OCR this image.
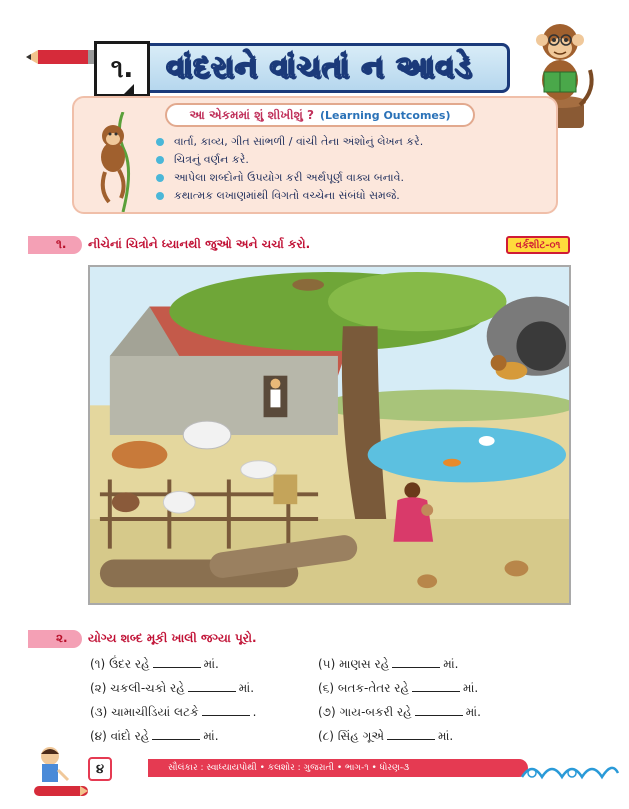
૧.	વાંદરાને વાંચતાં ન આવડે
આ એકમમાં શું શીખીશું ? (Learning Outcomes)
વાર્તા, કાવ્ય, ગીત સાંભળી / વાંચી તેના અંશોનું લેખન કરે.
ચિત્રનું વર્ણન કરે.
આપેલા શબ્દોનો ઉપયોગ કરી અર્થપૂર્ણ વાક્ય બનાવે.
કથાત્મક લખાણમાંથી વિગતો વચ્ચેના સંબંધો સમજે.
૧. નીચેનાં ચિત્રોને ધ્યાનથી જુઓ અને ચર્ચા કરો.	વર્કશીટ-૦૧
૨. યોગ્ય શબ્દ મૂકી ખાલી જગ્યા પૂરો.
(૧) ઉંદર રહે	માં.
(૨) ચકલી-ચકો રહે	માં.
(૩) ચામાચીડિયાં લટકે	.
(૪) વાંદો રહે	માં.
(૫) માણસ રહે	માં.
(૬) બતક-તેતર રહે	માં.
(૭) ગાય-બકરી રહે	માં.
(૮) સિંહ ગૂએ	માં.
૪	સૌલંકાર : સ્વાધ્યાયપોથી • કલશોર : ગુજરાતી • ભાગ-૧ • ધોરણ-૩
